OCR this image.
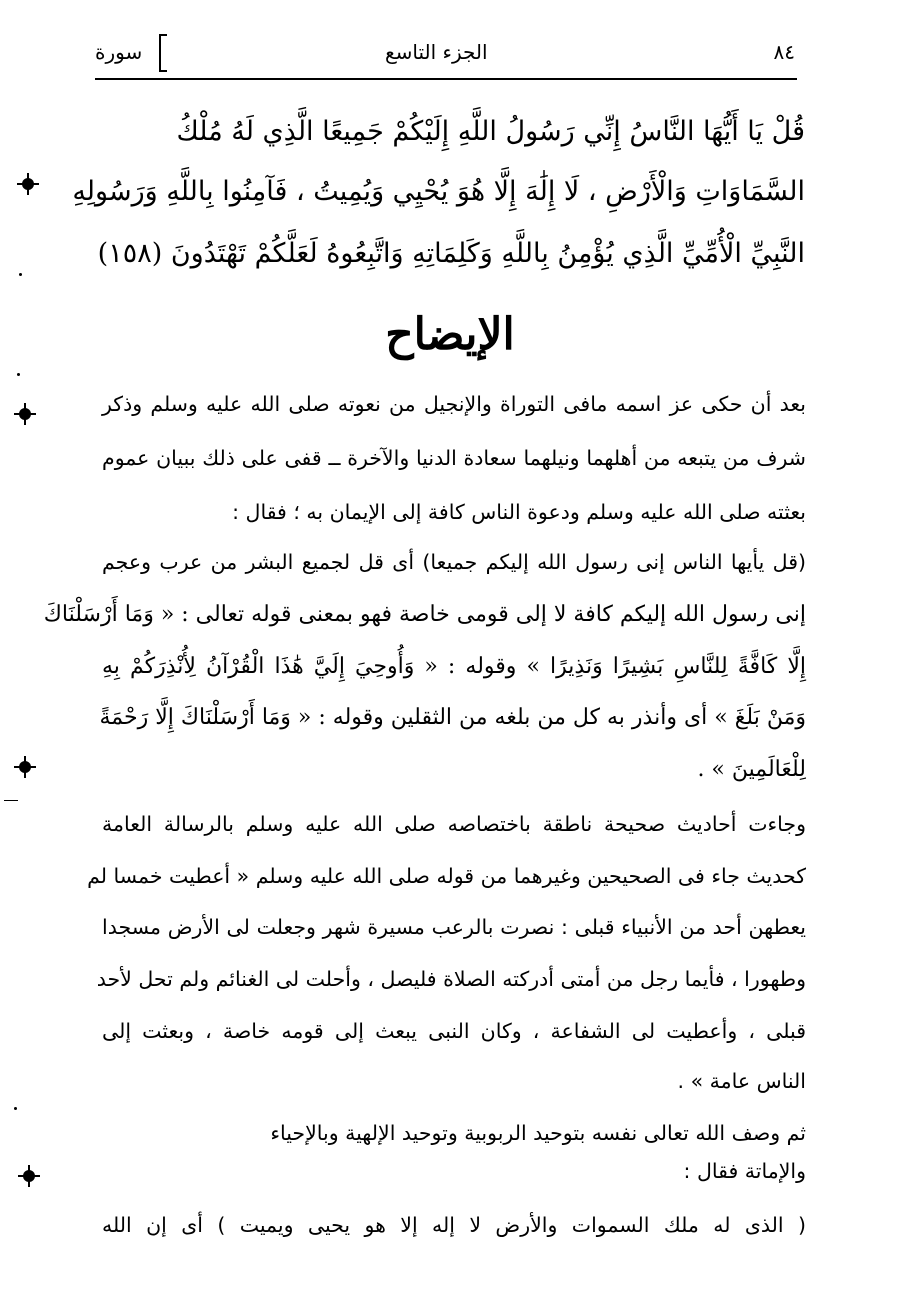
٨٤
الجزء التاسع
سورة
قُلْ يَا أَيُّهَا النَّاسُ إِنِّي رَسُولُ اللَّهِ إِلَيْكُمْ جَمِيعًا الَّذِي لَهُ مُلْكُ
السَّمَاوَاتِ وَالْأَرْضِ ، لَا إِلَٰهَ إِلَّا هُوَ يُحْيِي وَيُمِيتُ ، فَآمِنُوا بِاللَّهِ وَرَسُولِهِ
النَّبِيِّ الْأُمِّيِّ الَّذِي يُؤْمِنُ بِاللَّهِ وَكَلِمَاتِهِ وَاتَّبِعُوهُ لَعَلَّكُمْ تَهْتَدُونَ (١٥٨)
الإيضاح
بعد أن حكى عز اسمه مافى التوراة والإنجيل من نعوته صلى الله عليه وسلم وذكر
شرف من يتبعه من أهلهما ونيلهما سعادة الدنيا والآخرة ــ قفى على ذلك ببيان عموم
بعثته صلى الله عليه وسلم ودعوة الناس كافة إلى الإيمان به ؛ فقال :
(قل يأيها الناس إنى رسول الله إليكم جميعا) أى قل لجميع البشر من عرب وعجم
إنى رسول الله إليكم كافة لا إلى قومى خاصة فهو بمعنى قوله تعالى : « وَمَا أَرْسَلْنَاكَ
إِلَّا كَافَّةً لِلنَّاسِ بَشِيرًا وَنَذِيرًا » وقوله : « وَأُوحِيَ إِلَيَّ هَٰذَا الْقُرْآنُ لِأُنْذِرَكُمْ بِهِ
وَمَنْ بَلَغَ » أى وأنذر به كل من بلغه من الثقلين وقوله : « وَمَا أَرْسَلْنَاكَ إِلَّا رَحْمَةً
لِلْعَالَمِينَ » .
وجاءت أحاديث صحيحة ناطقة باختصاصه صلى الله عليه وسلم بالرسالة العامة
كحديث جاء فى الصحيحين وغيرهما من قوله صلى الله عليه وسلم « أعطيت خمسا لم
يعطهن أحد من الأنبياء قبلى : نصرت بالرعب مسيرة شهر وجعلت لى الأرض مسجدا
وطهورا ، فأيما رجل من أمتى أدركته الصلاة فليصل ، وأحلت لى الغنائم ولم تحل لأحد
قبلى ، وأعطيت لى الشفاعة ، وكان النبى يبعث إلى قومه خاصة ، وبعثت إلى
الناس عامة » .
ثم وصف الله تعالى نفسه بتوحيد الربوبية وتوحيد الإلهية وبالإحياء
والإماتة فقال :
( الذى له ملك السموات والأرض لا إله إلا هو يحيى ويميت ) أى إن الله
